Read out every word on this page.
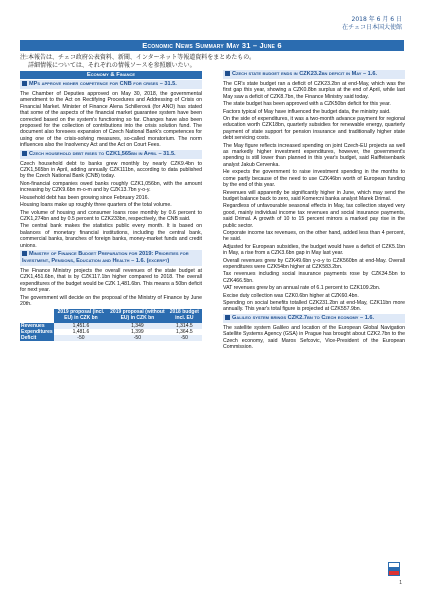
2018 年 6 月 6 日
在チェコ日本国大使館
Economic News Summary May 31 – June 6
注:本報告は、チェコ政府公表資料、新聞、インターネット等報道資料をまとめたもの。
詳細情報については、それぞれの情報ソースを参照願いたい。
Economy & Finance
MPs approve higher competence for CNB for crises – 31.5.

The Chamber of Deputies approved on May 30, 2018, the governmental amendment to the Act on Rectifying Procedures and Addressing of Crisis on Financial Market. Minister of Finance Alena Schillerová (for ANO) has stated that some of the aspects of the financial market guarantee system have been corrected based on the system's functioning so far. Changes have also been proposed for the collection of contributions into the crisis solution fund. The document also foresees expansion of Czech National Bank's competences for using one of the crisis-solving measures, so-called moratorium. The norm influences also the Insolvency Act and the Act on Court Fees.

Czech household debt rises to CZK1,565bn in April – 31.5.

Czech household debt to banks grew monthly by nearly CZK9.4bn to CZK1,565bn in April, adding annually CZK111bn, according to data published by the Czech National Bank (CNB) today.

Non-financial companies owed banks roughly CZK1,056bn, with the amount increasing by CZK9.6bn m-o-m and by CZK13.7bn y-o-y.

Household debt has been growing since February 2016.

Housing loans make up roughly three quarters of the total volume.

The volume of housing and consumer loans rose monthly by 0.6 percent to CZK1,274bn and by 0.5 percent to CZK233bn, respectively, the CNB said.

The central bank makes the statistics public every month. It is based on balances of monetary financial institutions, including the central bank, commercial banks, branches of foreign banks, money-market funds and credit unions.

Ministry of Finance Budget Preparation for 2019: Priorities for Investment, Pensions, Education and Health – 1.6. (excerpt)

The Finance Ministry projects the overall revenues of the state budget at CZK1,451.6bn, that is by CZK117.1bn higher compared to 2018. The overall expenditures of the budget would be CZK 1,481.6bn. This means a 50bn deficit for next year.

The government will decide on the proposal of the Ministry of Finance by June 20th.

	2019 proposal (incl. EU) in CZK bn	2019 proposal (without EU) in CZK bn	2018 budget incl. EU
Revenues	1,451.6	1,349	1,314.5
Expenditures	1,481.6	1,399	1,364.5
Deficit	-50	-50	-50
Czech state budget ends in CZK23.2bn deficit in May – 1.6.

The CR's state budget ran a deficit of CZK23.2bn at end-May, which was the first gap this year, showing a CZK0.8bn surplus at the end of April, while last May saw a deficit of CZK8.7bn, the Finance Ministry said today.

The state budget has been approved with a CZK50bn deficit for this year.

Factors typical of May have influenced the budget data, the ministry said.

On the side of expenditures, it was a two-month advance payment for regional education worth CZK18bn, quarterly subsidies for renewable energy, quarterly payment of state support for pension insurance and traditionally higher state debt servicing costs.

The May figure reflects increased spending on joint Czech-EU projects as well as markedly higher investment expenditures, however, the government's spending is still lower than planned in this year's budget, said Raiffeisenbank analyst Jakub Cervenka.

He expects the government to raise investment spending in the months to come partly because of the need to use CZK46bn worth of European funding by the end of this year.

Revenues will apparently be significantly higher in June, which may send the budget balance back to zero, said Komercni banka analyst Marek Drimal.

Regardless of unfavourable seasonal effects in May, tax collection stayed very good, mainly individual income tax revenues and social insurance payments, said Drimal. A growth of 10 to 15 percent mirrors a marked pay rise in the public sector.

Corporate income tax revenues, on the other hand, added less than 4 percent, he said.

Adjusted for European subsidies, the budget would have a deficit of CZK5.1bn in May, a rise from a CZK3.6bn gap in May last year.

Overall revenues grew by CZK49.6bn y-o-y to CZK560bn at end-May. Overall expenditures were CZK54bn higher at CZK583.2bn.

Tax revenues including social insurance payments rose by CZK34.5bn to CZK466.5bn.

VAT revenues grew by an annual rate of 6.1 percent to CZK109.2bn.

Excise duty collection was CZK0.6bn higher at CZK60.4bn.

Spending on social benefits totalled CZK231.2bn at end-May, CZK11bn more annually. This year's total figure is projected at CZK557.9bn.

Galileo system brings CZK2.7bn to Czech economy – 1.6.

The satellite system Galileo and location of the European Global Navigation Satellite Systems Agency (GSA) in Prague has brought about CZK2.7bn to the Czech economy, said Maros Sefcovic, Vice-President of the European Commission.

1
